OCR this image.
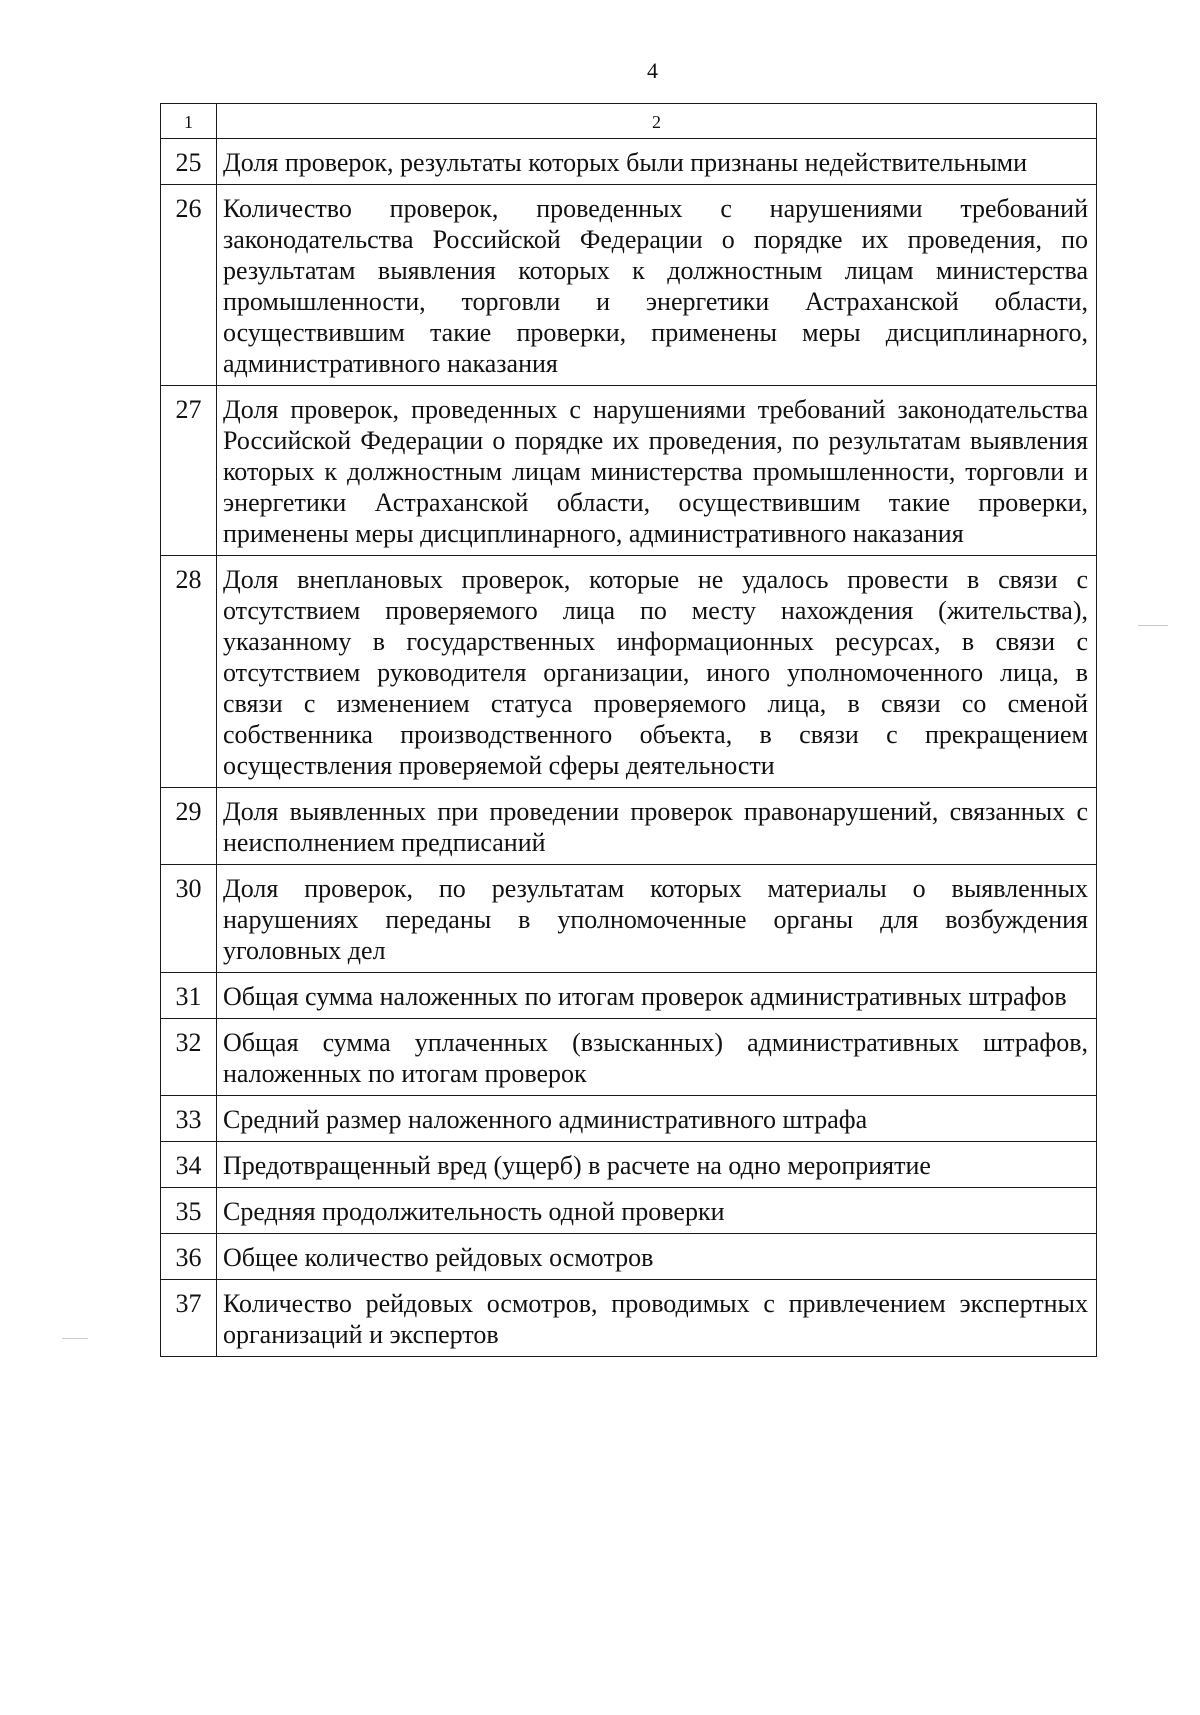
4
1	2
25	Доля проверок, результаты которых были признаны недействительными
26	Количество проверок, проведенных с нарушениями требований законодательства Российской Федерации о порядке их проведения, по результатам выявления которых к должностным лицам министерства промышленности, торговли и энергетики Астраханской области, осуществившим такие проверки, применены меры дисциплинарного, административного наказания
27	Доля проверок, проведенных с нарушениями требований законодательства Российской Федерации о порядке их проведения, по результатам выявления которых к должностным лицам министерства промышленности, торговли и энергетики Астраханской области, осуществившим такие проверки, применены меры дисциплинарного, административного наказания
28	Доля внеплановых проверок, которые не удалось провести в связи с отсутствием проверяемого лица по месту нахождения (жительства), указанному в государственных информационных ресурсах, в связи с отсутствием руководителя организации, иного уполномоченного лица, в связи с изменением статуса проверяемого лица, в связи со сменой собственника производственного объекта, в связи с прекращением осуществления проверяемой сферы деятельности
29	Доля выявленных при проведении проверок правонарушений, связанных с неисполнением предписаний
30	Доля проверок, по результатам которых материалы о выявленных нарушениях переданы в уполномоченные органы для возбуждения уголовных дел
31	Общая сумма наложенных по итогам проверок административных штрафов
32	Общая сумма уплаченных (взысканных) административных штрафов, наложенных по итогам проверок
33	Средний размер наложенного административного штрафа
34	Предотвращенный вред (ущерб) в расчете на одно мероприятие
35	Средняя продолжительность одной проверки
36	Общее количество рейдовых осмотров
37	Количество рейдовых осмотров, проводимых с привлечением экспертных организаций и экспертов
